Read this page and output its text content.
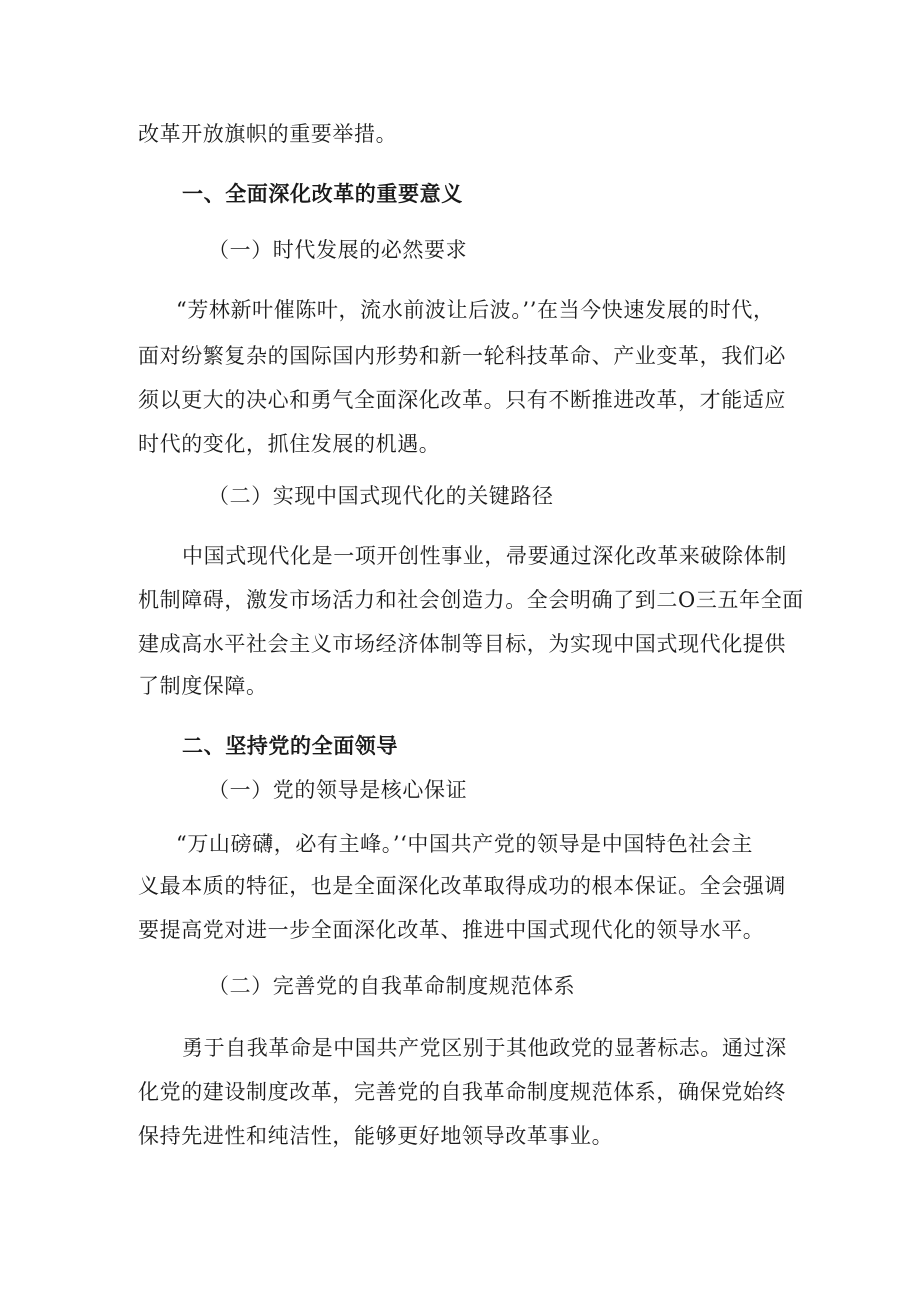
改革开放旗帜的重要举措。
一、全面深化改革的重要意义
（一）时代发展的必然要求
“芳林新叶催陈叶，流水前波让后波。’’在当今快速发展的时代，
面对纷繁复杂的国际国内形势和新一轮科技革命、产业变革，我们必
须以更大的决心和勇气全面深化改革。只有不断推进改革，才能适应
时代的变化，抓住发展的机遇。
（二）实现中国式现代化的关键路径
中国式现代化是一项开创性事业，帚要通过深化改革来破除体制
机制障碍，激发市场活力和社会创造力。全会明确了到二O三五年全面
建成高水平社会主义市场经济体制等目标，为实现中国式现代化提供
了制度保障。
二、坚持党的全面领导
（一）党的领导是核心保证
“万山磅礴，必有主峰。’‘中国共产党的领导是中国特色社会主
义最本质的特征，也是全面深化改革取得成功的根本保证。全会强调
要提高党对进一步全面深化改革、推进中国式现代化的领导水平。
（二）完善党的自我革命制度规范体系
勇于自我革命是中国共产党区别于其他政党的显著标志。通过深
化党的建设制度改革，完善党的自我革命制度规范体系，确保党始终
保持先进性和纯洁性，能够更好地领导改革事业。
